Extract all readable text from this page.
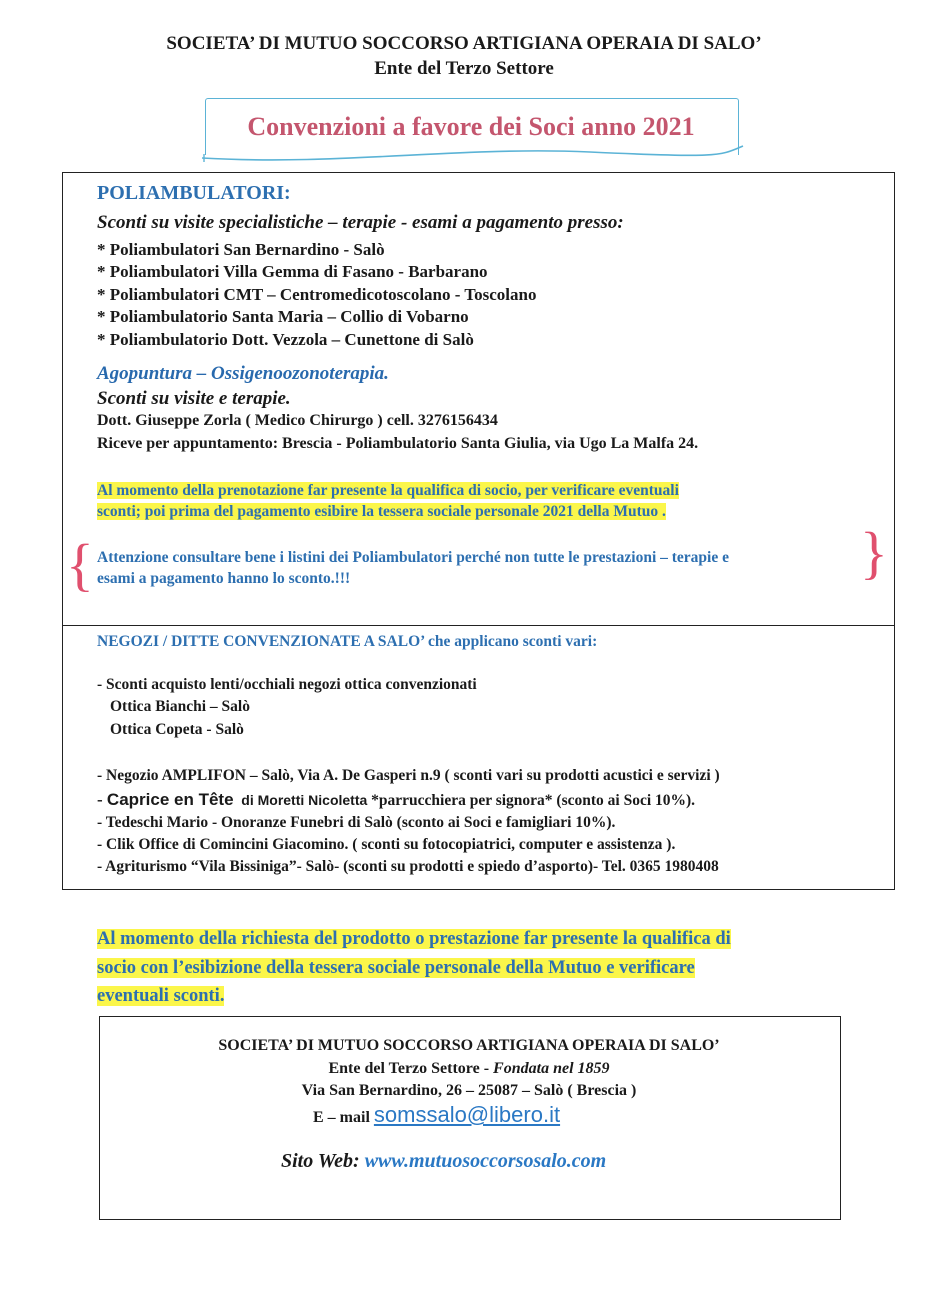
SOCIETA’ DI MUTUO SOCCORSO ARTIGIANA OPERAIA DI SALO’
Ente del Terzo Settore
Convenzioni a favore dei Soci anno 2021
POLIAMBULATORI:
Sconti su visite specialistiche – terapie - esami a pagamento presso:
* Poliambulatori San Bernardino - Salò
* Poliambulatori Villa Gemma di Fasano - Barbarano
* Poliambulatori CMT – Centromedicotoscolano - Toscolano
* Poliambulatorio Santa Maria – Collio di Vobarno
* Poliambulatorio Dott. Vezzola – Cunettone di Salò
Agopuntura – Ossigenoozonoterapia.
Sconti su visite e terapie.
Dott. Giuseppe Zorla ( Medico Chirurgo ) cell. 3276156434
Riceve per appuntamento: Brescia - Poliambulatorio Santa Giulia, via Ugo La Malfa 24.
Al momento della prenotazione far presente la qualifica di socio, per verificare eventuali
sconti; poi prima del pagamento esibire la tessera sociale personale 2021 della Mutuo .
{ Attenzione consultare bene i listini dei Poliambulatori perché non tutte le prestazioni – terapie e
esami a pagamento hanno lo sconto.!!!	}
NEGOZI / DITTE CONVENZIONATE A SALO’ che applicano sconti vari:
- Sconti acquisto lenti/occhiali negozi ottica convenzionati
Ottica Bianchi – Salò
Ottica Copeta - Salò
- Negozio AMPLIFON – Salò, Via A. De Gasperi n.9 ( sconti vari su prodotti acustici e servizi )
- Caprice en Tête di Moretti Nicoletta *parrucchiera per signora* (sconto ai Soci 10%).
- Tedeschi Mario - Onoranze Funebri di Salò (sconto ai Soci e famigliari 10%).
- Clik Office di Comincini Giacomino. ( sconti su fotocopiatrici, computer e assistenza ).
- Agriturismo “Vila Bissiniga”- Salò- (sconti su prodotti e spiedo d’asporto)- Tel. 0365 1980408
Al momento della richiesta del prodotto o prestazione far presente la qualifica di
socio con l’esibizione della tessera sociale personale della Mutuo e verificare
eventuali sconti.
SOCIETA’ DI MUTUO SOCCORSO ARTIGIANA OPERAIA DI SALO’
Ente del Terzo Settore - Fondata nel 1859
Via San Bernardino, 26 – 25087 – Salò ( Brescia )
E – mail somssalo@libero.it
Sito Web: www.mutuosoccorsosalo.com
